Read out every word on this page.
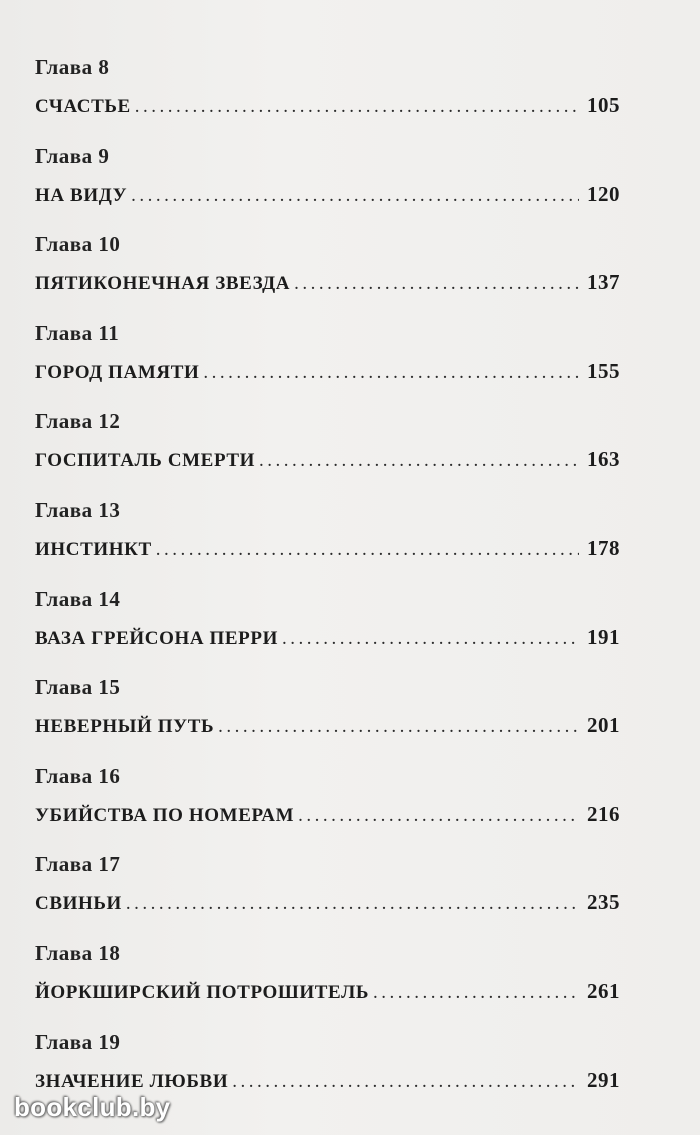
Глава 8
СЧАСТЬЕ .....	105
Глава 9
НА ВИДУ .....	120
Глава 10
ПЯТИКОНЕЧНАЯ ЗВЕЗДА .....	137
Глава 11
ГОРОД ПАМЯТИ .....	155
Глава 12
ГОСПИТАЛЬ СМЕРТИ .....	163
Глава 13
ИНСТИНКТ .....	178
Глава 14
ВАЗА ГРЕЙСОНА ПЕРРИ .....	191
Глава 15
НЕВЕРНЫЙ ПУТЬ .....	201
Глава 16
УБИЙСТВА ПО НОМЕРАМ .....	216
Глава 17
СВИНЬИ .....	235
Глава 18
ЙОРКШИРСКИЙ ПОТРОШИТЕЛЬ .....	261
Глава 19
ЗНАЧЕНИЕ ЛЮБВИ .....	291
bookclub.by
